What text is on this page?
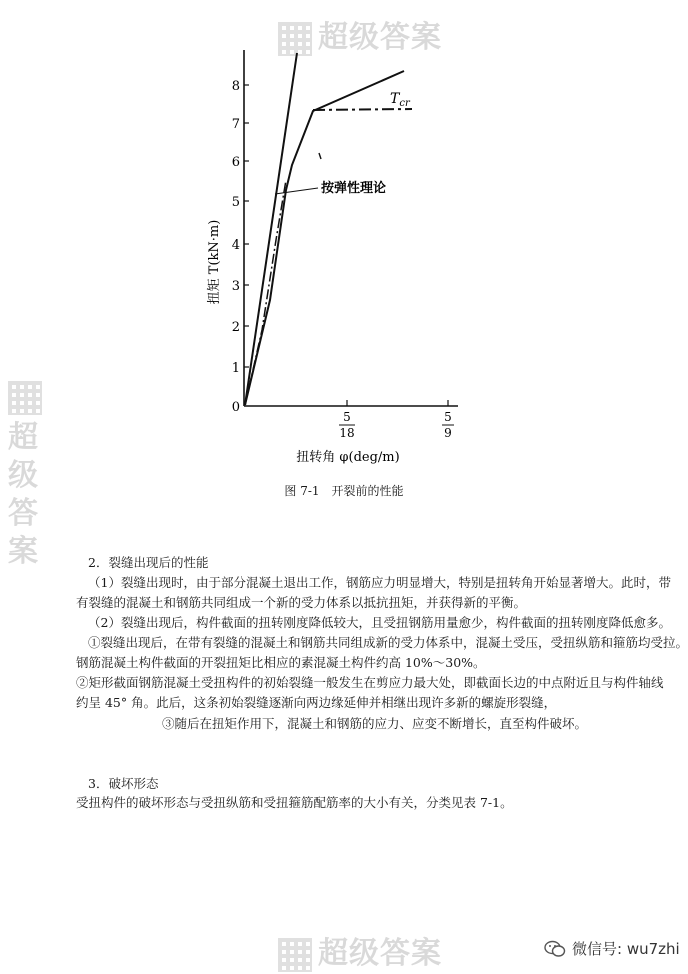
超级答案

超级答案
超级答案
0
1
2
3
4
5
6
7
8
5
18
5
9
扭矩 T(kN·m)
扭转角 φ(deg/m)
按弹性理论
$T_{cr}$
图 7-1　开裂前的性能
2．裂缝出现后的性能
（1）裂缝出现时，由于部分混凝土退出工作，钢筋应力明显增大，特别是扭转角开始显著增大。此时，带
有裂缝的混凝土和钢筋共同组成一个新的受力体系以抵抗扭矩，并获得新的平衡。
（2）裂缝出现后，构件截面的扭转刚度降低较大，且受扭钢筋用量愈少，构件截面的扭转刚度降低愈多。
①裂缝出现后，在带有裂缝的混凝土和钢筋共同组成新的受力体系中，混凝土受压，受扭纵筋和箍筋均受拉。
钢筋混凝土构件截面的开裂扭矩比相应的素混凝土构件约高 10%～30%。
②矩形截面钢筋混凝土受扭构件的初始裂缝一般发生在剪应力最大处，即截面长边的中点附近且与构件轴线
约呈 45° 角。此后，这条初始裂缝逐渐向两边缘延伸并相继出现许多新的螺旋形裂缝，
③随后在扭矩作用下，混凝土和钢筋的应力、应变不断增长，直至构件破坏。
3．破坏形态
受扭构件的破坏形态与受扭纵筋和受扭箍筋配筋率的大小有关，分类见表 7-1。
微信号: wu7zhi
